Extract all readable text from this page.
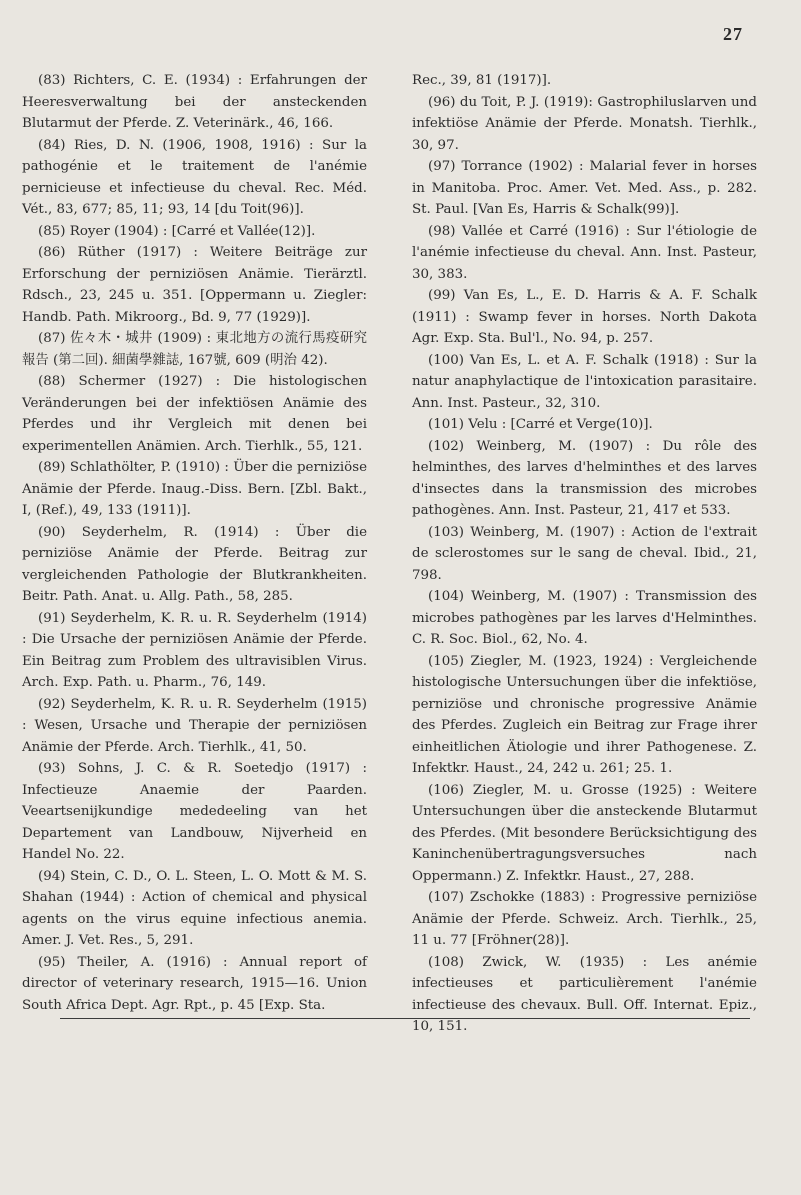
27

(83) Richters, C. E. (1934) : Erfahrungen der Heeresverwaltung bei der ansteckenden Blutarmut der Pferde. Z. Veterinärk., 46, 166.

(84) Ries, D. N. (1906, 1908, 1916) : Sur la pathogénie et le traitement de l'anémie pernicieuse et infectieuse du cheval. Rec. Méd. Vét., 83, 677; 85, 11; 93, 14 [du Toit(96)].

(85) Royer (1904) : [Carré et Vallée(12)].

(86) Rüther (1917) : Weitere Beiträge zur Erforschung der perniziösen Anämie. Tierärztl. Rdsch., 23, 245 u. 351. [Oppermann u. Ziegler: Handb. Path. Mikroorg., Bd. 9, 77 (1929)].

(87) 佐々木・城井 (1909) : 東北地方の流行馬疫研究報告 (第二回). 細菌學雜誌, 167號, 609 (明治 42).

(88) Schermer (1927) : Die histologischen Veränderungen bei der infektiösen Anämie des Pferdes und ihr Vergleich mit denen bei experimentellen Anämien. Arch. Tierhlk., 55, 121.

(89) Schlathölter, P. (1910) : Über die perniziöse Anämie der Pferde. Inaug.-Diss. Bern. [Zbl. Bakt., I, (Ref.), 49, 133 (1911)].

(90) Seyderhelm, R. (1914) : Über die perniziöse Anämie der Pferde. Beitrag zur vergleichenden Pathologie der Blutkrankheiten. Beitr. Path. Anat. u. Allg. Path., 58, 285.

(91) Seyderhelm, K. R. u. R. Seyderhelm (1914) : Die Ursache der perniziösen Anämie der Pferde. Ein Beitrag zum Problem des ultravisiblen Virus. Arch. Exp. Path. u. Pharm., 76, 149.

(92) Seyderhelm, K. R. u. R. Seyderhelm (1915) : Wesen, Ursache und Therapie der perniziösen Anämie der Pferde. Arch. Tierhlk., 41, 50.

(93) Sohns, J. C. & R. Soetedjo (1917) : Infectieuze Anaemie der Paarden. Veeartsenijkundige mededeeling van het Departement van Landbouw, Nijverheid en Handel No. 22.

(94) Stein, C. D., O. L. Steen, L. O. Mott & M. S. Shahan (1944) : Action of chemical and physical agents on the virus equine infectious anemia. Amer. J. Vet. Res., 5, 291.

(95) Theiler, A. (1916) : Annual report of director of veterinary research, 1915—16. Union South Africa Dept. Agr. Rpt., p. 45 [Exp. Sta.

Rec., 39, 81 (1917)].

(96) du Toit, P. J. (1919): Gastrophiluslarven und infektiöse Anämie der Pferde. Monatsh. Tierhlk., 30, 97.

(97) Torrance (1902) : Malarial fever in horses in Manitoba. Proc. Amer. Vet. Med. Ass., p. 282. St. Paul. [Van Es, Harris & Schalk(99)].

(98) Vallée et Carré (1916) : Sur l'étiologie de l'anémie infectieuse du cheval. Ann. Inst. Pasteur, 30, 383.

(99) Van Es, L., E. D. Harris & A. F. Schalk (1911) : Swamp fever in horses. North Dakota Agr. Exp. Sta. Bul'l., No. 94, p. 257.

(100) Van Es, L. et A. F. Schalk (1918) : Sur la natur anaphylactique de l'intoxication parasitaire. Ann. Inst. Pasteur., 32, 310.

(101) Velu : [Carré et Verge(10)].

(102) Weinberg, M. (1907) : Du rôle des helminthes, des larves d'helminthes et des larves d'insectes dans la transmission des microbes pathogènes. Ann. Inst. Pasteur, 21, 417 et 533.

(103) Weinberg, M. (1907) : Action de l'extrait de sclerostomes sur le sang de cheval. Ibid., 21, 798.

(104) Weinberg, M. (1907) : Transmission des microbes pathogènes par les larves d'Helminthes. C. R. Soc. Biol., 62, No. 4.

(105) Ziegler, M. (1923, 1924) : Vergleichende histologische Untersuchungen über die infektiöse, perniziöse und chronische progressive Anämie des Pferdes. Zugleich ein Beitrag zur Frage ihrer einheitlichen Ätiologie und ihrer Pathogenese. Z. Infektkr. Haust., 24, 242 u. 261; 25. 1.

(106) Ziegler, M. u. Grosse (1925) : Weitere Untersuchungen über die ansteckende Blutarmut des Pferdes. (Mit besondere Berücksichtigung des Kaninchenübertragungsversuches nach Oppermann.) Z. Infektkr. Haust., 27, 288.

(107) Zschokke (1883) : Progressive perniziöse Anämie der Pferde. Schweiz. Arch. Tierhlk., 25, 11 u. 77 [Fröhner(28)].

(108) Zwick, W. (1935) : Les anémie infectieuses et particulièrement l'anémie infectieuse des chevaux. Bull. Off. Internat. Epiz., 10, 151.
